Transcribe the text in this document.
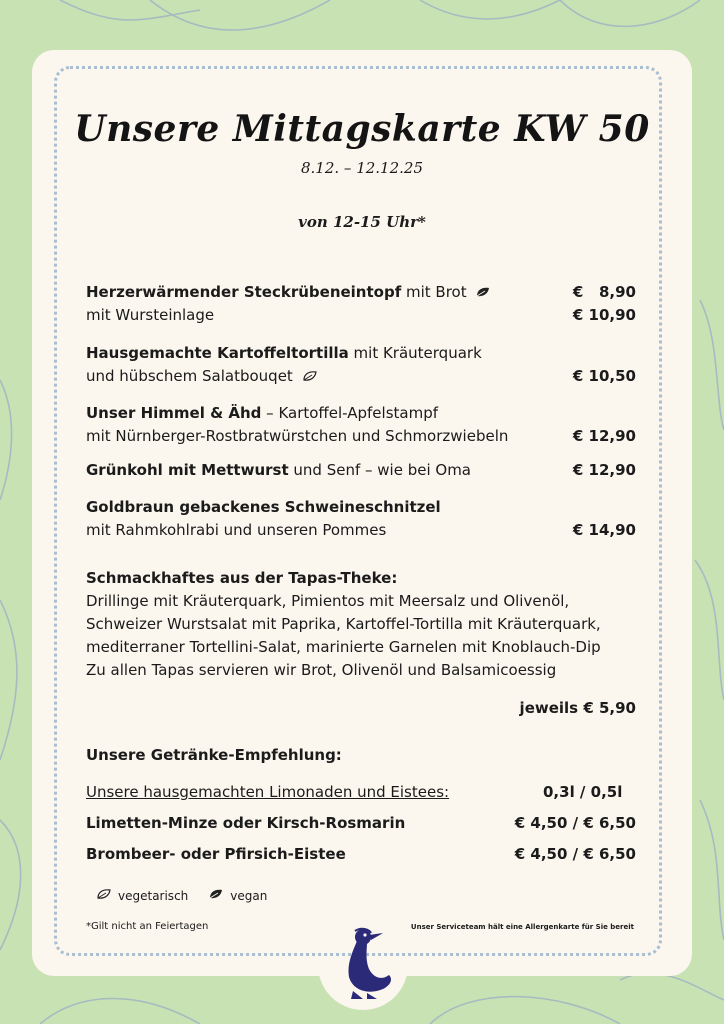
Unsere Mittagskarte KW 50
8.12. – 12.12.25
von 12-15 Uhr*
Herzerwärmender Steckrübeneintopf mit Brot	€   8,90
mit Wursteinlage	€ 10,90
Hausgemachte Kartoffeltortilla mit Kräuterquark
und hübschem Salatbouqet	€ 10,50
Unser Himmel & Ähd – Kartoffel-Apfelstampf
mit Nürnberger-Rostbratwürstchen und Schmorzwiebeln	€ 12,90
Grünkohl mit Mettwurst und Senf – wie bei Oma	€ 12,90
Goldbraun gebackenes Schweineschnitzel
mit Rahmkohlrabi und unseren Pommes	€ 14,90
Schmackhaftes aus der Tapas-Theke:
Drillinge mit Kräuterquark, Pimientos mit Meersalz und Olivenöl,
Schweizer Wurstsalat mit Paprika, Kartoffel-Tortilla mit Kräuterquark,
mediterraner Tortellini-Salat, marinierte Garnelen mit Knoblauch-Dip
Zu allen Tapas servieren wir Brot, Olivenöl und Balsamicoessig
jeweils € 5,90
Unsere Getränke-Empfehlung:
Unsere hausgemachten Limonaden und Eistees:	0,3l / 0,5l
Limetten-Minze oder Kirsch-Rosmarin	€ 4,50 / € 6,50
Brombeer- oder Pfirsich-Eistee	€ 4,50 / € 6,50
vegetarisch	vegan
*Gilt nicht an Feiertagen	Unser Serviceteam hält eine Allergenkarte für Sie bereit
